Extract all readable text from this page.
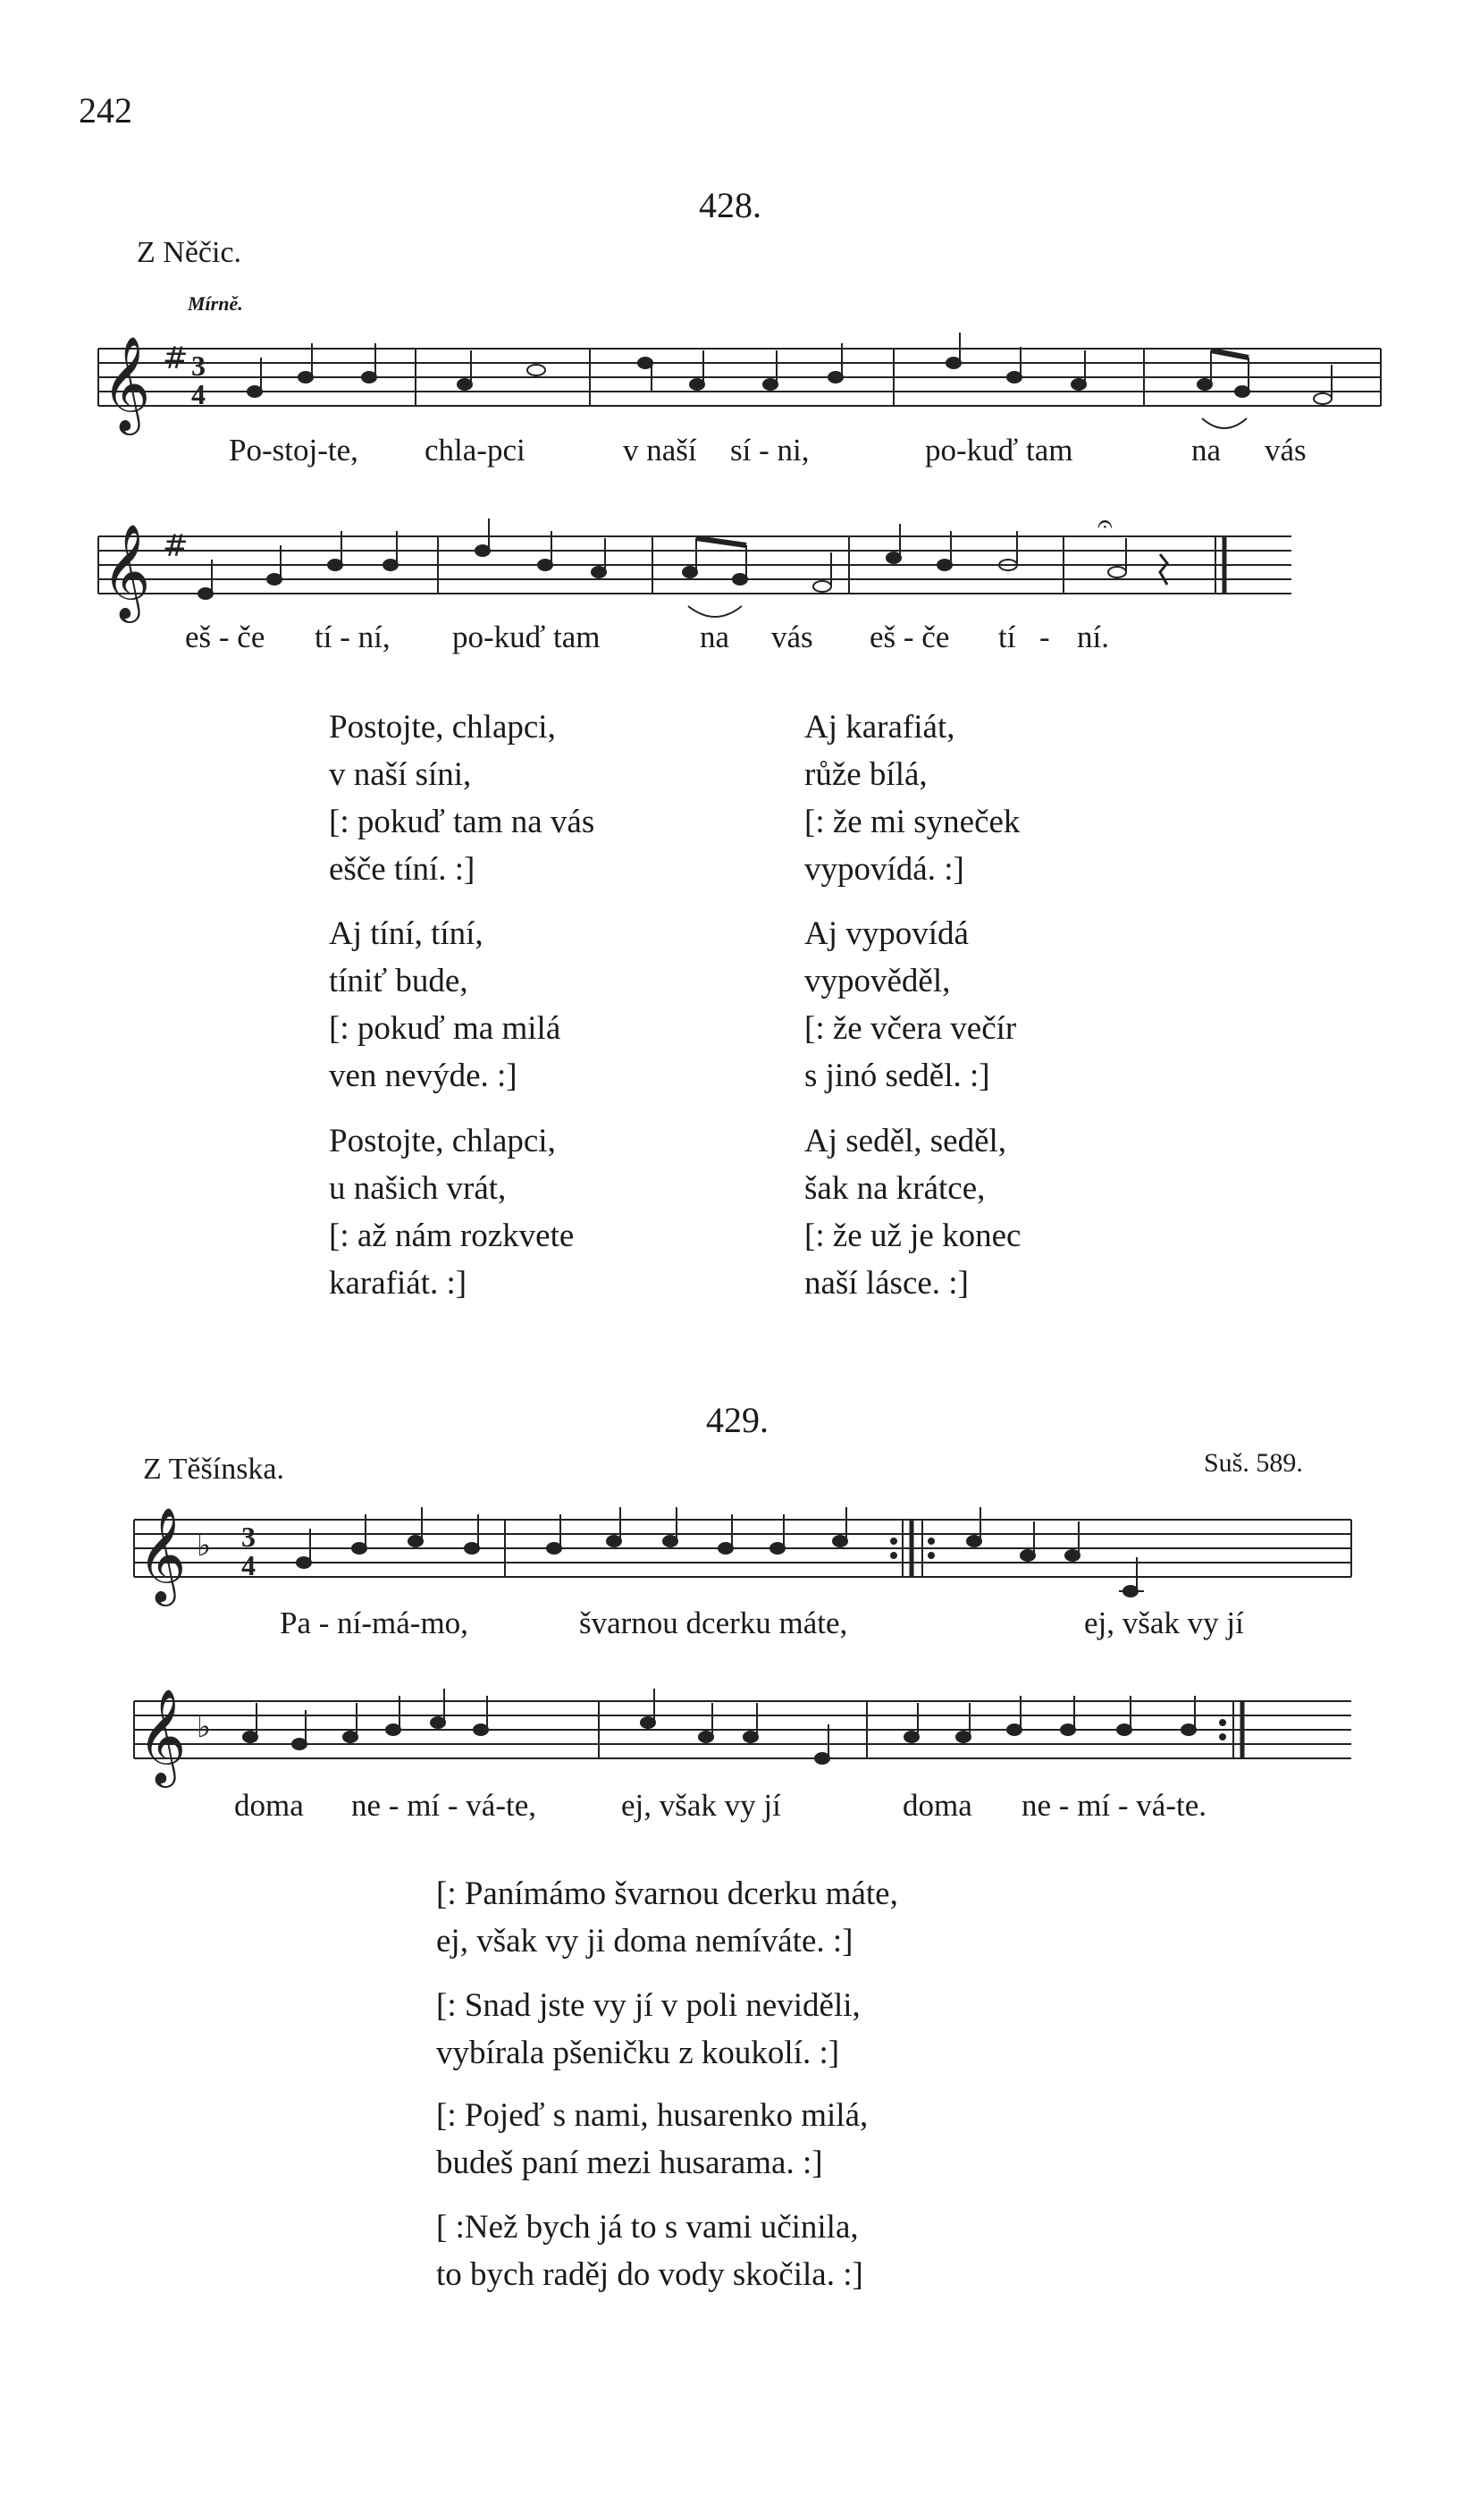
242
428.
Z Něčic.
Mírně.
𝄞 # 3
4
Po-stoj-te, chla-pci	v naší sí - ni,	po-kuď tam	na vás
𝄞 #
𝄐
eš - če tí - ní, po-kuď tam	na vás eš - če tí - ní.
Postojte, chlapci,
v naší síni,
[: pokuď tam na vás
ešče tíní. :]
Aj tíní, tíní,
tíniť bude,
[: pokuď ma milá
ven nevýde. :]
Postojte, chlapci,
u našich vrát,
[: až nám rozkvete
karafiát. :]
Aj karafiát,
růže bílá,
[: že mi syneček
vypovídá. :]
Aj vypovídá
vypověděl,
[: že včera večír
s jinó seděl. :]
Aj seděl, seděl,
šak na krátce,
[: že už je konec
naší lásce. :]
429.
Z Těšínska.	Suš. 589.
𝄞 ♭ 3
4
Pa - ní-má-mo,	švarnou dcerku máte,	ej, však vy jí
𝄞 ♭
doma ne - mí - vá-te,	ej, však vy jí	doma ne - mí - vá-te.
[: Panímámo švarnou dcerku máte,
ej, však vy ji doma nemíváte. :]
[: Snad jste vy jí v poli neviděli,
vybírala pšeničku z koukolí. :]
[: Pojeď s nami, husarenko milá,
budeš paní mezi husarama. :]
[ :Než bych já to s vami učinila,
to bych raděj do vody skočila. :]
